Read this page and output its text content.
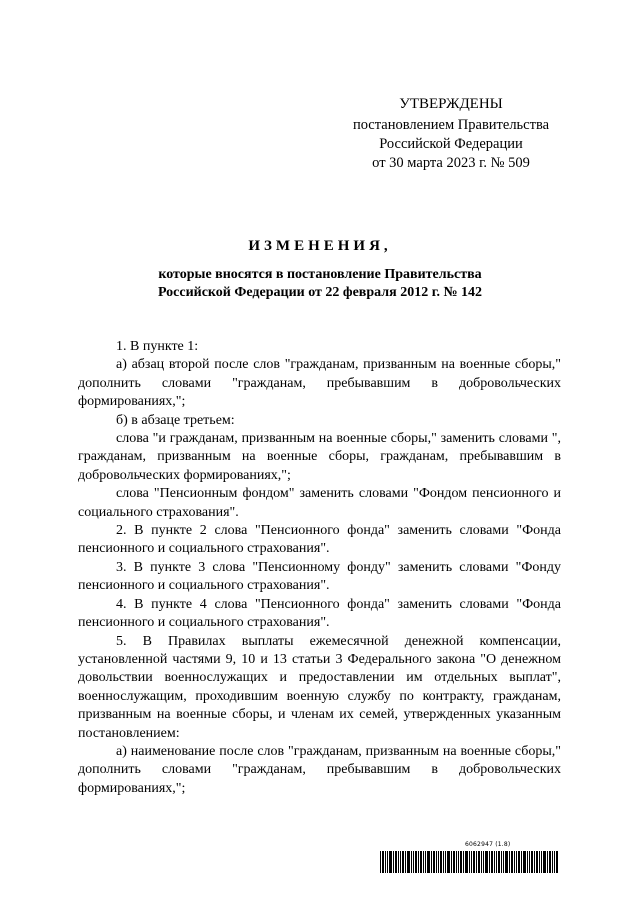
УТВЕРЖДЕНЫ
постановлением Правительства
Российской Федерации
от 30 марта 2023 г. № 509
ИЗМЕНЕНИЯ,
которые вносятся в постановление Правительства
Российской Федерации от 22 февраля 2012 г. № 142

1. В пункте 1:

а) абзац второй после слов "гражданам, призванным на военные сборы," дополнить словами "гражданам, пребывавшим в добровольческих формированиях,";

б) в абзаце третьем:

слова "и гражданам, призванным на военные сборы," заменить словами ", гражданам, призванным на военные сборы, гражданам, пребывавшим в добровольческих формированиях,";

слова "Пенсионным фондом" заменить словами "Фондом пенсионного и социального страхования".

2. В пункте 2 слова "Пенсионного фонда" заменить словами "Фонда пенсионного и социального страхования".

3. В пункте 3 слова "Пенсионному фонду" заменить словами "Фонду пенсионного и социального страхования".

4. В пункте 4 слова "Пенсионного фонда" заменить словами "Фонда пенсионного и социального страхования".

5. В Правилах выплаты ежемесячной денежной компенсации, установленной частями 9, 10 и 13 статьи 3 Федерального закона "О денежном довольствии военнослужащих и предоставлении им отдельных выплат", военнослужащим, проходившим военную службу по контракту, гражданам, призванным на военные сборы, и членам их семей, утвержденных указанным постановлением:

а) наименование после слов "гражданам, призванным на военные сборы," дополнить словами "гражданам, пребывавшим в добровольческих формированиях,";

6062947 (1.8)
